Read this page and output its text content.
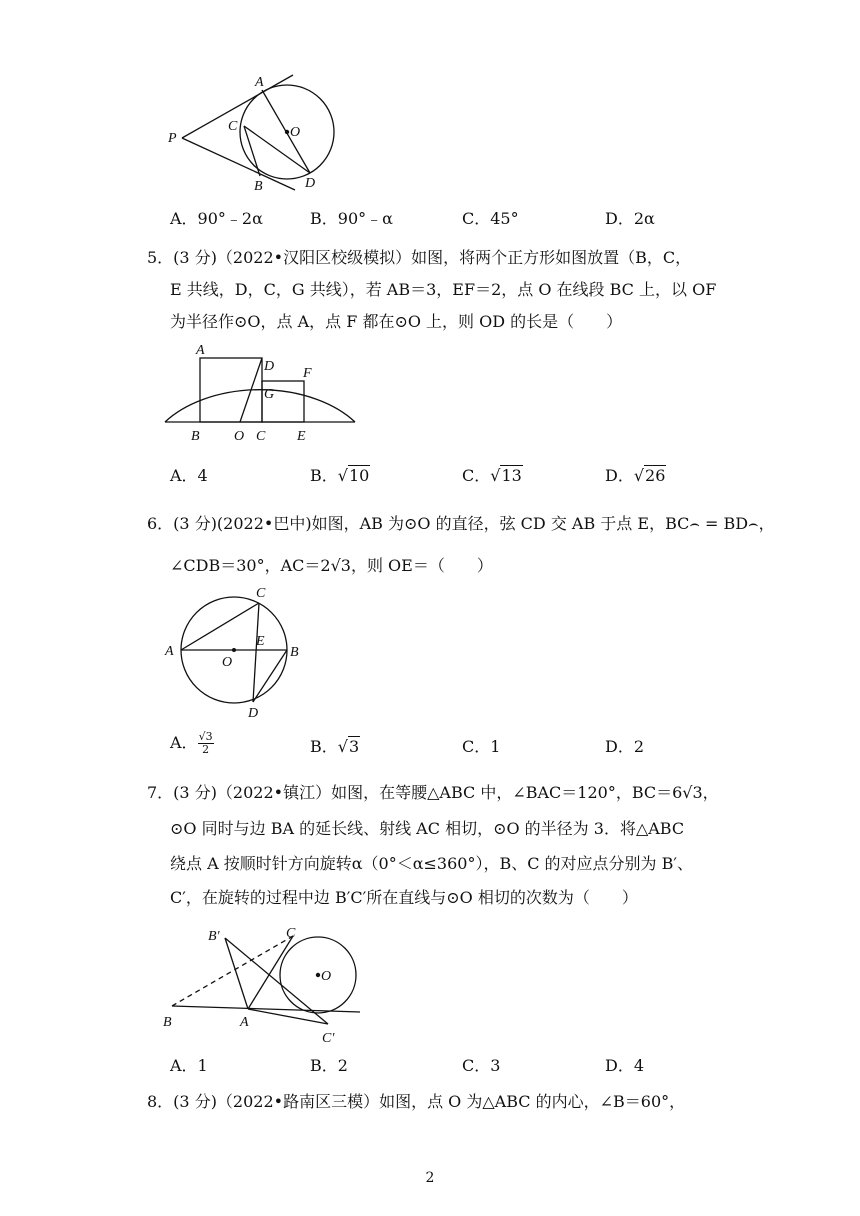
A
C	O
P
B	D
A．90°﹣2α	B．90°﹣α	C．45°	D．2α
5．(3 分)（2022•汉阳区校级模拟）如图，将两个正方形如图放置（B，C，
E 共线，D，C，G 共线），若 AB＝3，EF＝2，点 O 在线段 BC 上，以 OF
为半径作⊙O，点 A，点 F 都在⊙O 上，则 OD 的长是（　　）
A
D F
G
B O C E
A．4	B．√10	C．√13	D．√26
6．(3 分)(2022•巴中)如图，AB 为⊙O 的直径，弦 CD 交 AB 于点 E，BC⌢ = BD⌢，
∠CDB＝30°，AC＝2√3，则 OE＝（　　）
C
A
O
E
B
D
A． $\frac{√3}{2}$	B．√3	C．1	D．2
7．(3 分)（2022•镇江）如图，在等腰△ABC 中，∠BAC＝120°，BC＝6√3，
⊙O 同时与边 BA 的延长线、射线 AC 相切，⊙O 的半径为 3．将△ABC
绕点 A 按顺时针方向旋转α（0°＜α≤360°），B、C 的对应点分别为 B′、
C′，在旋转的过程中边 B′C′所在直线与⊙O 相切的次数为（　　）
B′	C
O
B	A
C′
A．1	B．2	C．3	D．4
8．(3 分)（2022•路南区三模）如图，点 O 为△ABC 的内心，∠B＝60°，
2
